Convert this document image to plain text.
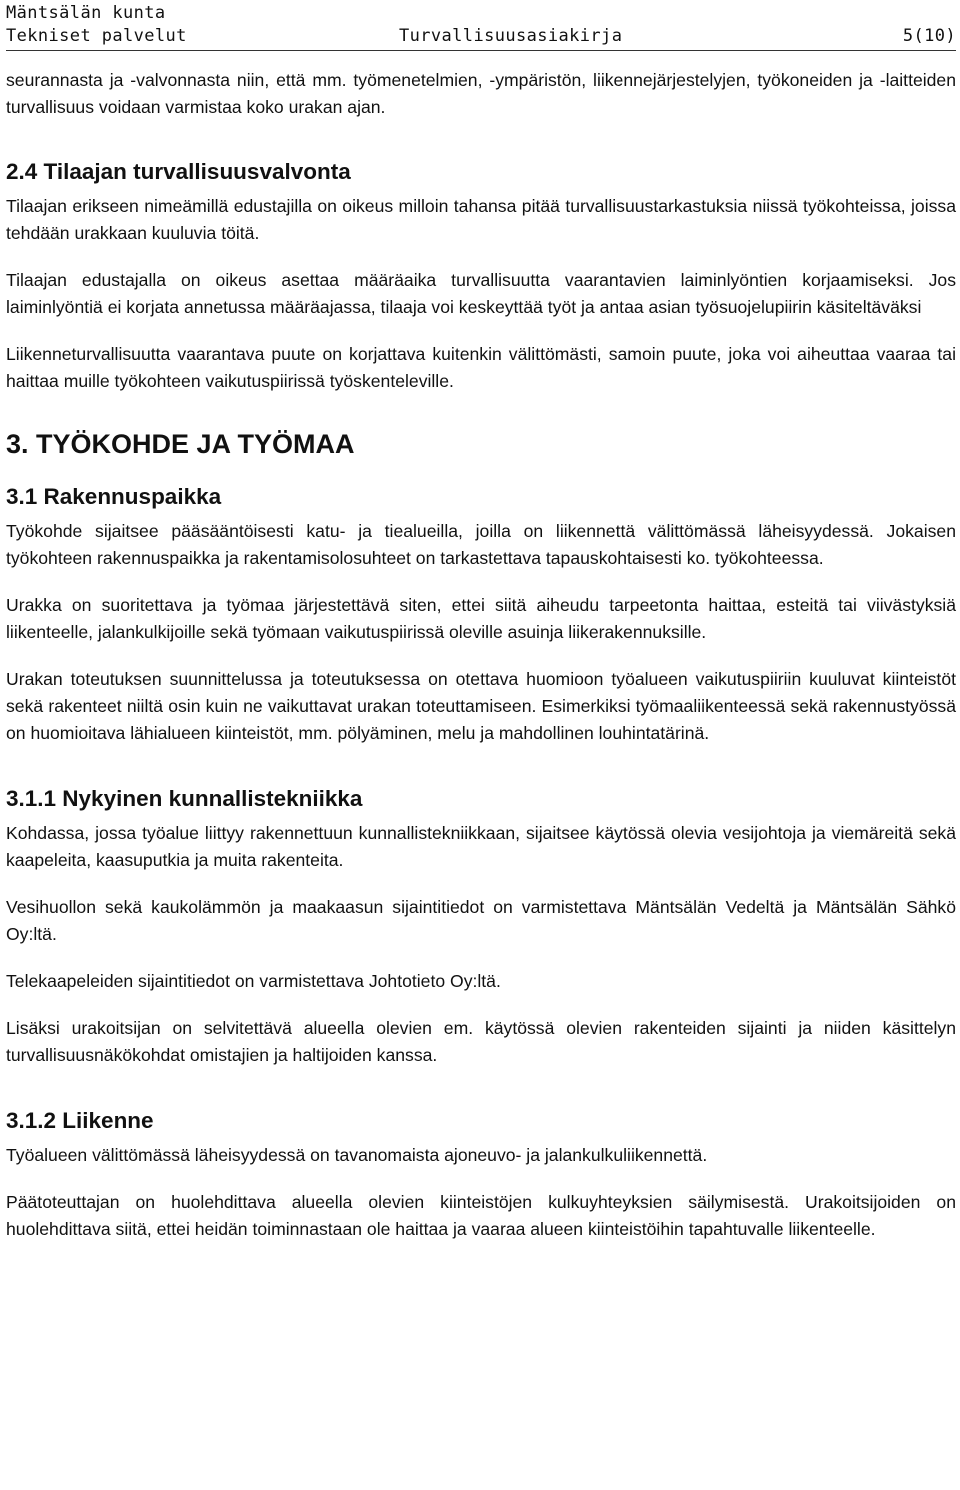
Mäntsälän kunta
Tekniset palvelut	Turvallisuusasiakirja	5(10)

seurannasta ja -valvonnasta niin, että mm. työmenetelmien, -ympäristön, liikennejärjestelyjen, työkoneiden ja -laitteiden turvallisuus voidaan varmistaa koko urakan ajan.

2.4 Tilaajan turvallisuusvalvonta

Tilaajan erikseen nimeämillä edustajilla on oikeus milloin tahansa pitää turvallisuustarkastuksia niissä työkohteissa, joissa tehdään urakkaan kuuluvia töitä.

Tilaajan edustajalla on oikeus asettaa määräaika turvallisuutta vaarantavien laiminlyöntien korjaamiseksi. Jos laiminlyöntiä ei korjata annetussa määräajassa, tilaaja voi keskeyttää työt ja antaa asian työsuojelupiirin käsiteltäväksi

Liikenneturvallisuutta vaarantava puute on korjattava kuitenkin välittömästi, samoin puute, joka voi aiheuttaa vaaraa tai haittaa muille työkohteen vaikutuspiirissä työskenteleville.

3. TYÖKOHDE JA TYÖMAA
3.1 Rakennuspaikka

Työkohde sijaitsee pääsääntöisesti katu- ja tiealueilla, joilla on liikennettä välittömässä läheisyydessä. Jokaisen työkohteen rakennuspaikka ja rakentamisolosuhteet on tarkastettava tapauskohtaisesti ko. työkohteessa.

Urakka on suoritettava ja työmaa järjestettävä siten, ettei siitä aiheudu tarpeetonta haittaa, esteitä tai viivästyksiä liikenteelle, jalankulkijoille sekä työmaan vaikutuspiirissä oleville asuinja liikerakennuksille.

Urakan toteutuksen suunnittelussa ja toteutuksessa on otettava huomioon työalueen vaikutuspiiriin kuuluvat kiinteistöt sekä rakenteet niiltä osin kuin ne vaikuttavat urakan toteuttamiseen. Esimerkiksi työmaaliikenteessä sekä rakennustyössä on huomioitava lähialueen kiinteistöt, mm. pölyäminen, melu ja mahdollinen louhintatärinä.

3.1.1 Nykyinen kunnallistekniikka

Kohdassa, jossa työalue liittyy rakennettuun kunnallistekniikkaan, sijaitsee käytössä olevia vesijohtoja ja viemäreitä sekä kaapeleita, kaasuputkia ja muita rakenteita.

Vesihuollon sekä kaukolämmön ja maakaasun sijaintitiedot on varmistettava Mäntsälän Vedeltä ja Mäntsälän Sähkö Oy:ltä.

Telekaapeleiden sijaintitiedot on varmistettava Johtotieto Oy:ltä.

Lisäksi urakoitsijan on selvitettävä alueella olevien em. käytössä olevien rakenteiden sijainti ja niiden käsittelyn turvallisuusnäkökohdat omistajien ja haltijoiden kanssa.

3.1.2 Liikenne

Työalueen välittömässä läheisyydessä on tavanomaista ajoneuvo- ja jalankulkuliikennettä.

Päätoteuttajan on huolehdittava alueella olevien kiinteistöjen kulkuyhteyksien säilymisestä. Urakoitsijoiden on huolehdittava siitä, ettei heidän toiminnastaan ole haittaa ja vaaraa alueen kiinteistöihin tapahtuvalle liikenteelle.
